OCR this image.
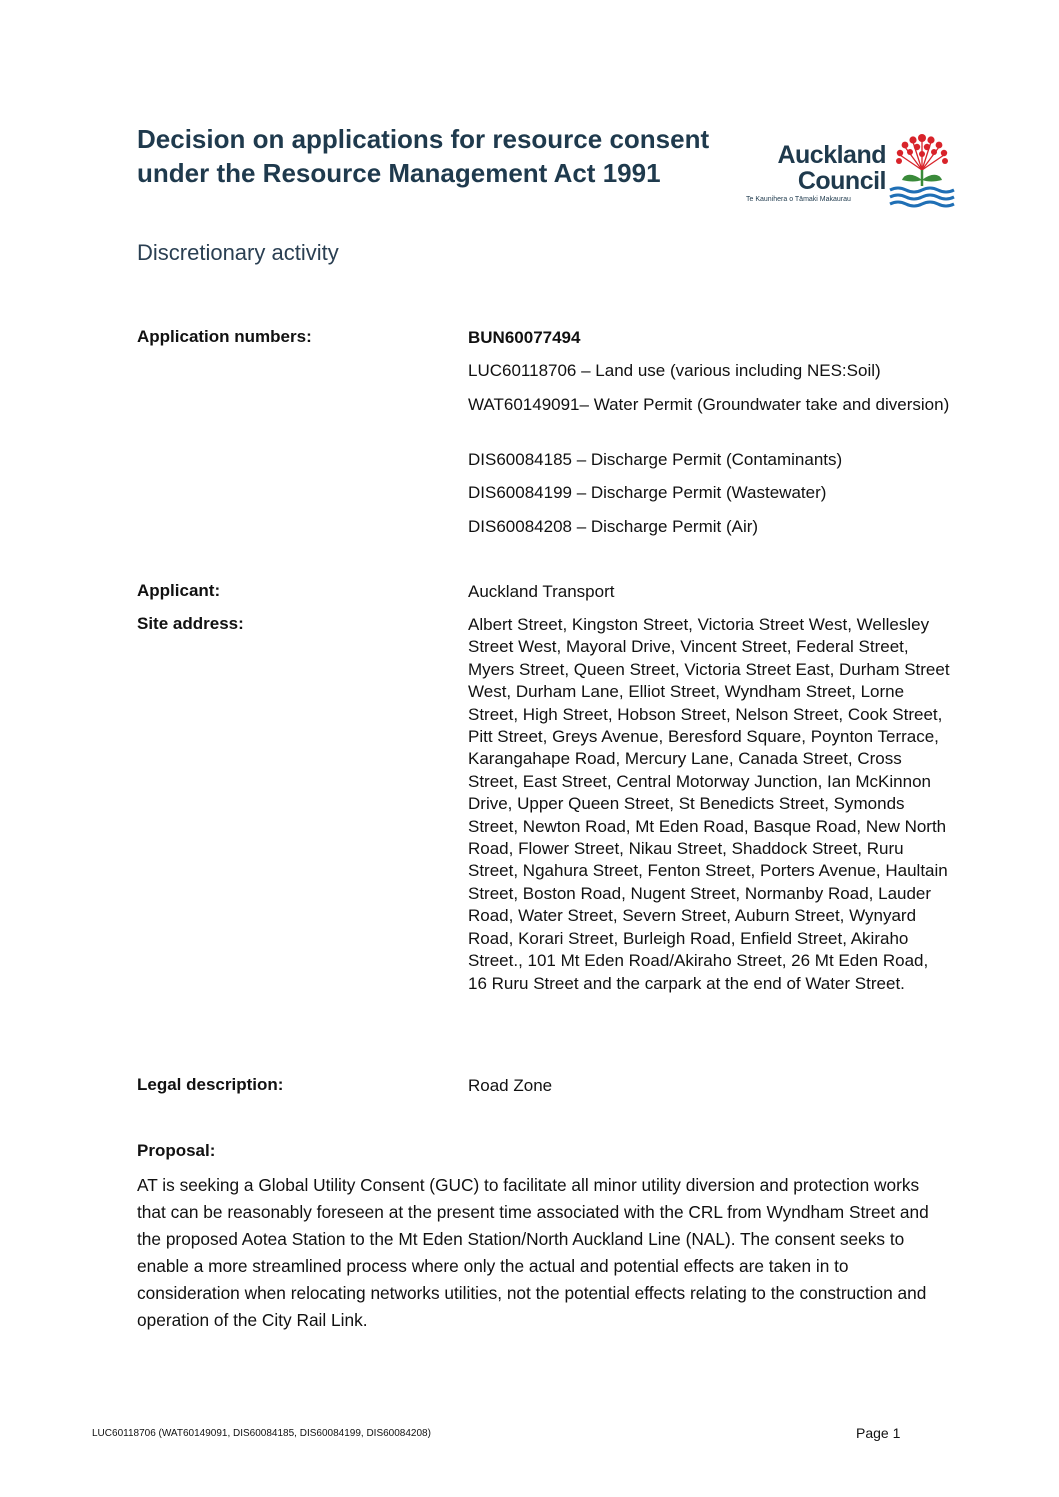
Decision on applications for resource consent under the Resource Management Act 1991

Discretionary activity

Auckland
Council
Te Kaunihera o Tāmaki Makaurau

Application numbers:	BUN60077494

LUC60118706 – Land use (various including NES:Soil)

WAT60149091– Water Permit (Groundwater take and diversion)

DIS60084185 – Discharge Permit (Contaminants)

DIS60084199 – Discharge Permit (Wastewater)

DIS60084208 – Discharge Permit (Air)

Applicant:	Auckland Transport

Site address:	Albert Street, Kingston Street, Victoria Street West, Wellesley Street West, Mayoral Drive, Vincent Street, Federal Street, Myers Street, Queen Street, Victoria Street East, Durham Street West, Durham Lane, Elliot Street, Wyndham Street, Lorne Street, High Street, Hobson Street, Nelson Street, Cook Street, Pitt Street, Greys Avenue, Beresford Square, Poynton Terrace, Karangahape Road, Mercury Lane, Canada Street, Cross Street, East Street, Central Motorway Junction, Ian McKinnon Drive, Upper Queen Street, St Benedicts Street, Symonds Street, Newton Road, Mt Eden Road, Basque Road, New North Road, Flower Street, Nikau Street, Shaddock Street, Ruru Street, Ngahura Street, Fenton Street, Porters Avenue, Haultain Street, Boston Road, Nugent Street, Normanby Road, Lauder Road, Water Street, Severn Street, Auburn Street, Wynyard Road, Korari Street, Burleigh Road, Enfield Street, Akiraho Street., 101 Mt Eden Road/Akiraho Street, 26 Mt Eden Road, 16 Ruru Street and the carpark at the end of Water Street.

Legal description:	Road Zone

Proposal:
AT is seeking a Global Utility Consent (GUC) to facilitate all minor utility diversion and protection works that can be reasonably foreseen at the present time associated with the CRL from Wyndham Street and the proposed Aotea Station to the Mt Eden Station/North Auckland Line (NAL). The consent seeks to enable a more streamlined process where only the actual and potential effects are taken in to consideration when relocating networks utilities, not the potential effects relating to the construction and operation of the City Rail Link.
LUC60118706 (WAT60149091, DIS60084185, DIS60084199, DIS60084208)	Page 1
